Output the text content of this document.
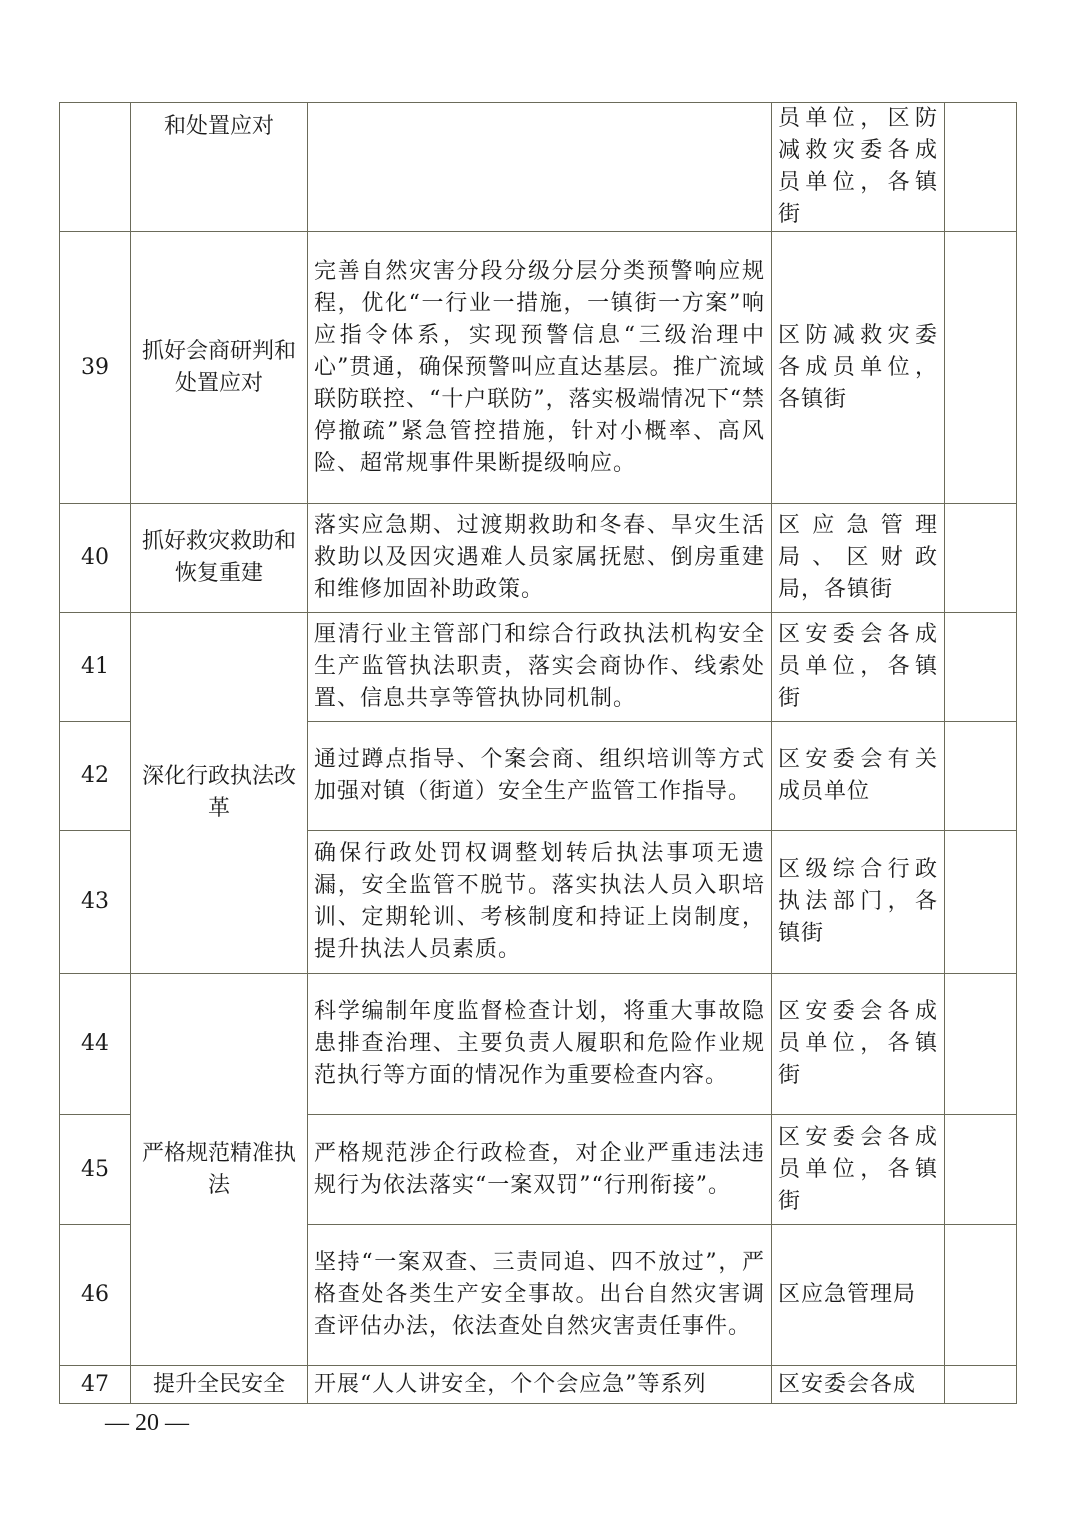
	和处置应对		员单位，区防减救灾委各成员单位，各镇街	
39	抓好会商研判和处置应对	完善自然灾害分段分级分层分类预警响应规程，优化“一行业一措施，一镇街一方案”响应指令体系，实现预警信息“三级治理中心”贯通，确保预警叫应直达基层。推广流域联防联控、“十户联防”，落实极端情况下“禁停撤疏”紧急管控措施，针对小概率、高风险、超常规事件果断提级响应。	区防减救灾委各成员单位，各镇街	
40	抓好救灾救助和恢复重建	落实应急期、过渡期救助和冬春、旱灾生活救助以及因灾遇难人员家属抚慰、倒房重建和维修加固补助政策。	区应急管理局、区财政局，各镇街	
41	深化行政执法改革	厘清行业主管部门和综合行政执法机构安全生产监管执法职责，落实会商协作、线索处置、信息共享等管执协同机制。	区安委会各成员单位，各镇街	
42		通过蹲点指导、个案会商、组织培训等方式加强对镇（街道）安全生产监管工作指导。	区安委会有关成员单位	
43		确保行政处罚权调整划转后执法事项无遗漏，安全监管不脱节。落实执法人员入职培训、定期轮训、考核制度和持证上岗制度，提升执法人员素质。	区级综合行政执法部门，各镇街	
44	严格规范精准执法	科学编制年度监督检查计划，将重大事故隐患排查治理、主要负责人履职和危险作业规范执行等方面的情况作为重要检查内容。	区安委会各成员单位，各镇街	
45		严格规范涉企行政检查，对企业严重违法违规行为依法落实“一案双罚”“行刑衔接”。	区安委会各成员单位，各镇街	
46		坚持“一案双查、三责同追、四不放过”，严格查处各类生产安全事故。出台自然灾害调查评估办法，依法查处自然灾害责任事件。	区应急管理局	
47	提升全民安全	开展“人人讲安全，个个会应急”等系列	区安委会各成	
— 20 —
